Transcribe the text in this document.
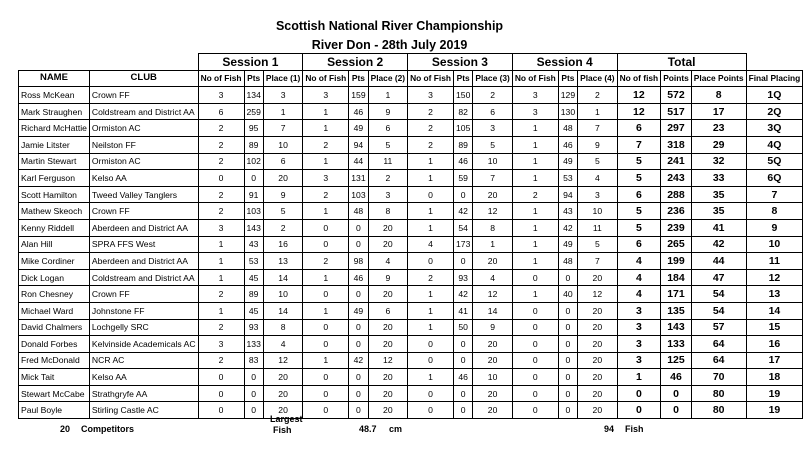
Scottish National River Championship
River Don - 28th July 2019
		Session 1			Session 2			Session 3			Session 4			Total			
NAME	CLUB	No of Fish	Pts	Place (1)	No of Fish	Pts	Place (2)	No of Fish	Pts	Place (3)	No of Fish	Pts	Place (4)	No of fish	Points	Place Points	Final Placing
Ross McKean	Crown FF	3	134	3	3	159	1	3	150	2	3	129	2	12	572	8	1Q
Mark Straughen	Coldstream and District AA	6	259	1	1	46	9	2	82	6	3	130	1	12	517	17	2Q
Richard McHattie	Ormiston AC	2	95	7	1	49	6	2	105	3	1	48	7	6	297	23	3Q
Jamie Litster	Neilston FF	2	89	10	2	94	5	2	89	5	1	46	9	7	318	29	4Q
Martin Stewart	Ormiston AC	2	102	6	1	44	11	1	46	10	1	49	5	5	241	32	5Q
Karl Ferguson	Kelso AA	0	0	20	3	131	2	1	59	7	1	53	4	5	243	33	6Q
Scott Hamilton	Tweed Valley Tanglers	2	91	9	2	103	3	0	0	20	2	94	3	6	288	35	7
Mathew Skeoch	Crown FF	2	103	5	1	48	8	1	42	12	1	43	10	5	236	35	8
Kenny Riddell	Aberdeen and District AA	3	143	2	0	0	20	1	54	8	1	42	11	5	239	41	9
Alan Hill	SPRA FFS West	1	43	16	0	0	20	4	173	1	1	49	5	6	265	42	10
Mike Cordiner	Aberdeen and District AA	1	53	13	2	98	4	0	0	20	1	48	7	4	199	44	11
Dick Logan	Coldstream and District AA	1	45	14	1	46	9	2	93	4	0	0	20	4	184	47	12
Ron Chesney	Crown FF	2	89	10	0	0	20	1	42	12	1	40	12	4	171	54	13
Michael Ward	Johnstone FF	1	45	14	1	49	6	1	41	14	0	0	20	3	135	54	14
David Chalmers	Lochgelly SRC	2	93	8	0	0	20	1	50	9	0	0	20	3	143	57	15
Donald Forbes	Kelvinside Academicals AC	3	133	4	0	0	20	0	0	20	0	0	20	3	133	64	16
Fred McDonald	NCR AC	2	83	12	1	42	12	0	0	20	0	0	20	3	125	64	17
Mick Tait	Kelso AA	0	0	20	0	0	20	1	46	10	0	0	20	1	46	70	18
Stewart McCabe	Strathgryfe AA	0	0	20	0	0	20	0	0	20	0	0	20	0	0	80	19
Paul Boyle	Stirling Castle AC	0	0	20	0	0	20	0	0	20	0	0	20	0	0	80	19
20 Competitors
Largest
Fish	48.7 cm	94 Fish
